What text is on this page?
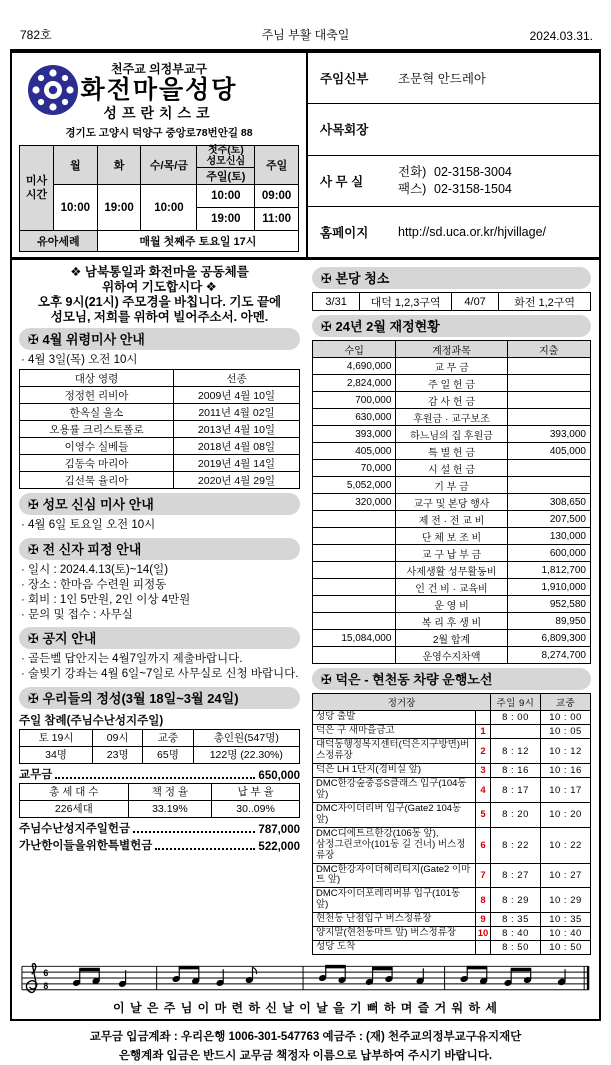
782호	주님 부활 대축일	2024.03.31.
천주교 의정부교구
화전마을성당
성프란치스코
경기도 고양시 덕양구 중앙로78번안길 88
미사
시간	월	화	수/목/금	첫주(토)
성모신심	주일
				주일(토)	
	10:00	19:00	10:00	10:00	09:00
				19:00	11:00
유아세례		매월 첫째주 토요일 17시			
주임신부	조문혁 안드레아
사목회장
사 무 실
전화) 02-3158-3004
팩스) 02-3158-1504
홈페이지	http://sd.uca.or.kr/hjvillage/
❖ 남북통일과 화전마을 공동체를
위하여 기도합시다 ❖
오후 9시(21시) 주모경을 바칩니다. 기도 끝에
성모님, 저희를 위하여 빌어주소서. 아멘.
✠ 4월 위령미사 안내
· 4월 3일(목) 오전 10시
대상 영령	선종
정정헌 리비아	2009년 4월 10일
한옥실 울소	2011년 4월 02일
오용률 크리스토폴로	2013년 4월 10일
이영수 실베들	2018년 4월 08일
김동숙 마리아	2019년 4월 14일
김선묵 율리아	2020년 4월 29일
✠ 성모 신심 미사 안내
· 4월 6일 토요일 오전 10시
✠ 전 신자 피정 안내
· 일시 : 2024.4.13(토)~14(일)
· 장소 : 한마음 수련원 피정동
· 회비 : 1인 5만원, 2인 이상 4만원
· 문의 및 접수 : 사무실
✠ 공지 안내
· 골든벨 답안지는 4월7일까지 제출바랍니다.
· 술빚기 강좌는 4월 6일~7일로 사무실로 신청 바랍니다.
✠ 우리들의 정성(3월 18일~3월 24일)
주일 참례(주님수난성지주일)
토 19시	09시	교중	총인원(547명)
34명	23명	65명	122명 (22.30%)
교무금	650,000
총 세 대 수	책 정 율	납 부 율
226세대	33.19%	30..09%
주님수난성지주일헌금	787,000
가난한이들을위한특별헌금	522,000
✠ 본당 청소
3/31	대덕 1,2,3구역	4/07	화전 1,2구역
✠ 24년 2월 재정현황
수입	계정과목	지출
4,690,000	교 무 금	
2,824,000	주 일 헌 금	
700,000	감 사 헌 금	
630,000	후원금 · 교구보조	
393,000	하느님의 집 후원금	393,000
405,000	특 별 헌 금	405,000
70,000	시 설 헌 금	
5,052,000	기 부 금	
320,000	교구 및 본당 행사	308,650
	제 전 · 전 교 비	207,500
	단 체 보 조 비	130,000
	교 구 납 부 금	600,000
	사제생활 성무활동비	1,812,700
	인 건 비 · 교육비	1,910,000
	운 영 비	952,580
	복 리 후 생 비	89,950
15,084,000	2월 합계	6,809,300
	운영수지차액	8,274,700
✠ 덕은 - 현천동 차량 운행노선
정거장		주일 9시	교중
성당 출발		8 : 00	10 : 00
덕은 구 새마을금고	1		10 : 05
대덕동행정복지센터(덕은지구방면)버스정류장	2	8 : 12	10 : 12
덕은 LH 1단지(경비실 앞)	3	8 : 16	10 : 16
DMC한강숲중흥S클래스 입구(104동 앞)	4	8 : 17	10 : 17
DMC자이더리버 입구(Gate2 104동 앞)	5	8 : 20	10 : 20

DMC디에트르한강(106동 앞),
삼정그린코아(101동 길 건너) 버스정류장	6	8 : 22	10 : 22
DMC한강자이더헤리티지(Gate2 이마트 앞)	7	8 : 27	10 : 27
DMC자이더포레리버뷰 입구(101동 앞)	8	8 : 29	10 : 29
현천동 난점입구 버스정류장	9	8 : 35	10 : 35
양지말(현천동마트 앞) 버스정류장	10	8 : 40	10 : 40
성당 도착		8 : 50	10 : 50
6
8
이 날 은 주 님 이 마 련 하 신 날 이 날 을 기 뻐 하 며 즐 거 워 하 세
교무금 입금계좌 : 우리은행 1006-301-547763 예금주 : (재) 천주교의정부교구유지재단
은행계좌 입금은 반드시 교무금 책정자 이름으로 납부하여 주시기 바랍니다.
